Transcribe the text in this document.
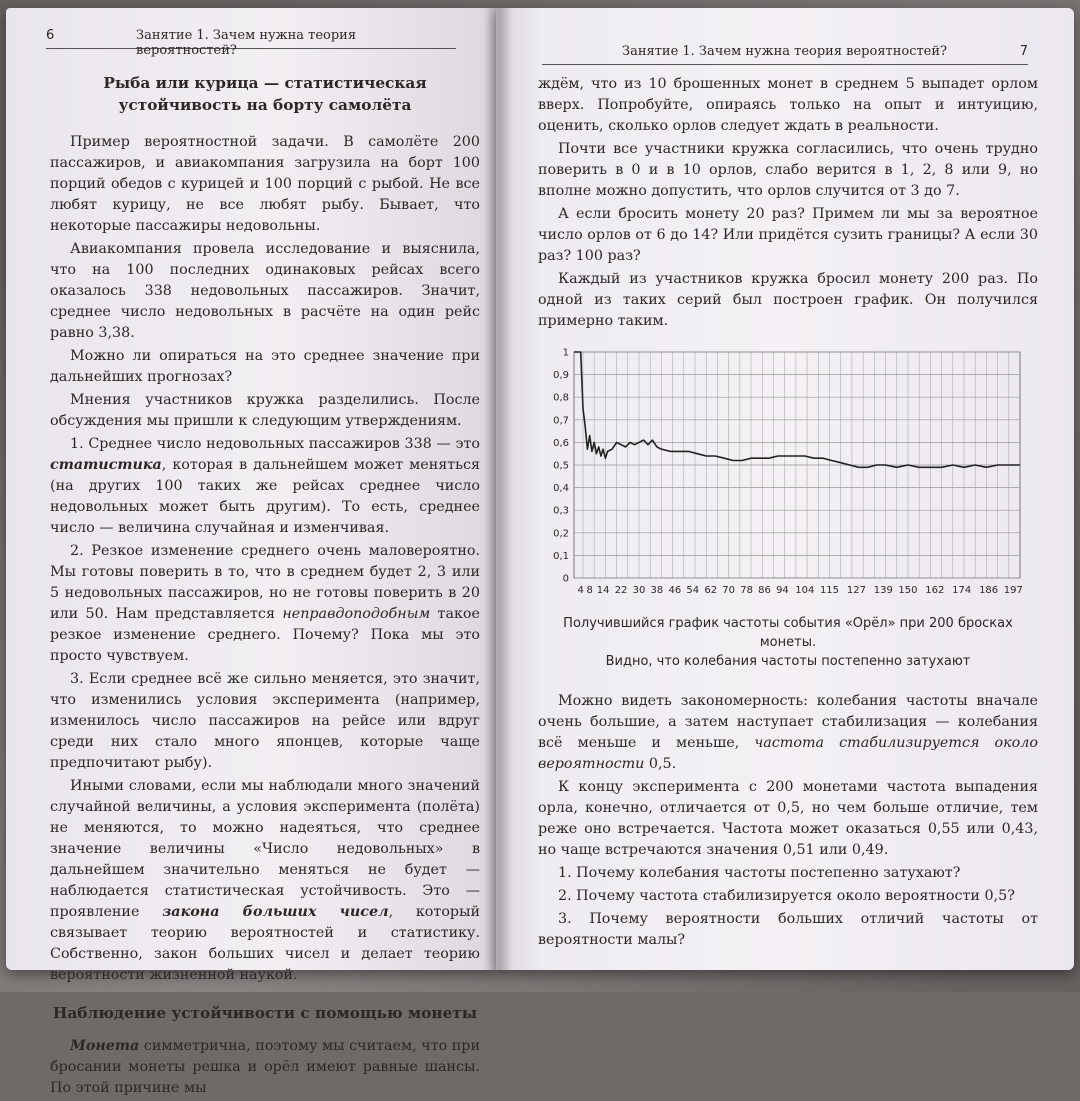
6	Занятие 1. Зачем нужна теория вероятностей?
Рыба или курица — статистическая устойчивость на борту самолёта

Пример вероятностной задачи. В самолёте 200 пассажиров, и авиакомпания загрузила на борт 100 порций обедов с курицей и 100 порций с рыбой. Не все любят курицу, не все любят рыбу. Бывает, что некоторые пассажиры недовольны.

Авиакомпания провела исследование и выяснила, что на 100 последних одинаковых рейсах всего оказалось 338 недовольных пассажиров. Значит, среднее число недовольных в расчёте на один рейс равно 3,38.

Можно ли опираться на это среднее значение при дальнейших прогнозах?

Мнения участников кружка разделились. После обсуждения мы пришли к следующим утверждениям.

1. Среднее число недовольных пассажиров 338 — это статистика, которая в дальнейшем может меняться (на других 100 таких же рейсах среднее число недовольных может быть другим). То есть, среднее число — величина случайная и изменчивая.
2. Резкое изменение среднего очень маловероятно. Мы готовы поверить в то, что в среднем будет 2, 3 или 5 недовольных пассажиров, но не готовы поверить в 20 или 50. Нам представляется неправдоподобным такое резкое изменение среднего. Почему? Пока мы это просто чувствуем.
3. Если среднее всё же сильно меняется, это значит, что изменились условия эксперимента (например, изменилось число пассажиров на рейсе или вдруг среди них стало много японцев, которые чаще предпочитают рыбу).

Иными словами, если мы наблюдали много значений случайной величины, а условия эксперимента (полёта) не меняются, то можно надеяться, что среднее значение величины «Число недовольных» в дальнейшем значительно меняться не будет — наблюдается статистическая устойчивость. Это — проявление закона больших чисел, который связывает теорию вероятностей и статистику. Собственно, закон больших чисел и делает теорию вероятности жизненной наукой.

Наблюдение устойчивости с помощью монеты

Монета симметрична, поэтому мы считаем, что при бросании монеты решка и орёл имеют равные шансы. По этой причине мы

Занятие 1. Зачем нужна теория вероятностей?	7

ждём, что из 10 брошенных монет в среднем 5 выпадет орлом вверх. Попробуйте, опираясь только на опыт и интуицию, оценить, сколько орлов следует ждать в реальности.

Почти все участники кружка согласились, что очень трудно поверить в 0 и в 10 орлов, слабо верится в 1, 2, 8 или 9, но вполне можно допустить, что орлов случится от 3 до 7.

А если бросить монету 20 раз? Примем ли мы за вероятное число орлов от 6 до 14? Или придётся сузить границы? А если 30 раз? 100 раз?

Каждый из участников кружка бросил монету 200 раз. По одной из таких серий был построен график. Он получился примерно таким.

0
0,1
0,2
0,3
0,4
0,5
0,6
0,7
0,8
0,9
1
4 8 14 22 30 38 46 54 62 70 78 86 94 104 115 127 139 150 162 174 186 197
Получившийся график частоты события «Орёл» при 200 бросках монеты.
Видно, что колебания частоты постепенно затухают

Можно видеть закономерность: колебания частоты вначале очень большие, а затем наступает стабилизация — колебания всё меньше и меньше, частота стабилизируется около вероятности 0,5.

К концу эксперимента с 200 монетами частота выпадения орла, конечно, отличается от 0,5, но чем больше отличие, тем реже оно встречается. Частота может оказаться 0,55 или 0,43, но чаще встречаются значения 0,51 или 0,49.

1. Почему колебания частоты постепенно затухают?
2. Почему частота стабилизируется около вероятности 0,5?
3. Почему вероятности больших отличий частоты от вероятности малы?
